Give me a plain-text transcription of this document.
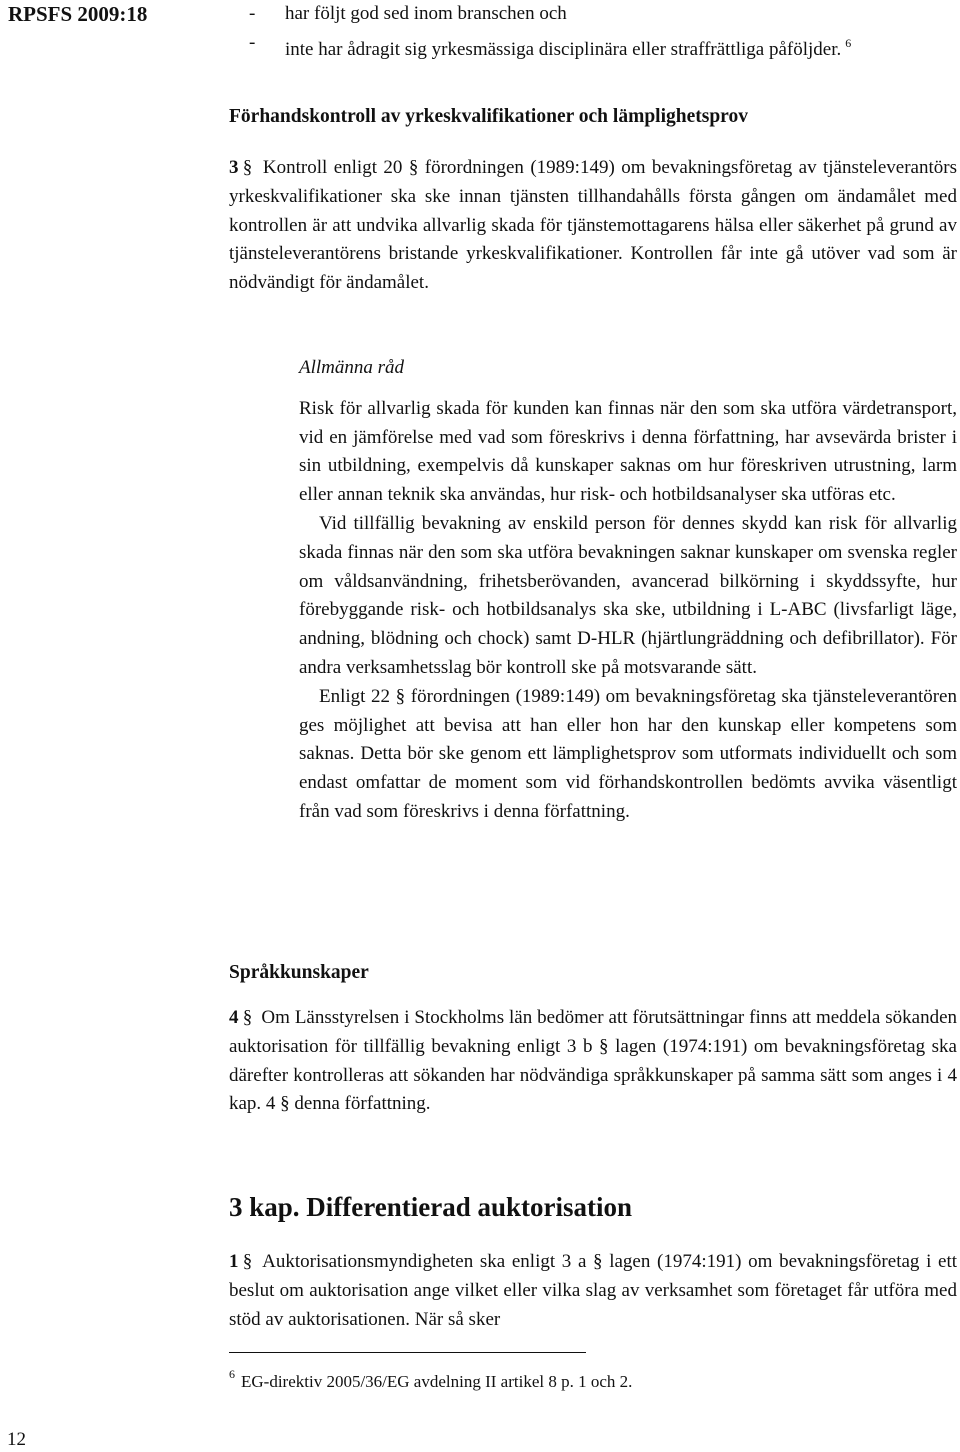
RPSFS 2009:18	- har följt god sed inom branschen och
- inte har ådragit sig yrkesmässiga disciplinära eller straffrättliga påföljder. $^6$
Förhandskontroll av yrkeskvalifikationer och lämplighetsprov

3 § Kontroll enligt 20 § förordningen (1989:149) om bevakningsföretag av tjänsteleverantörs yrkeskvalifikationer ska ske innan tjänsten tillhandahålls första gången om ändamålet med kontrollen är att undvika allvarlig skada för tjänstemottagarens hälsa eller säkerhet på grund av tjänsteleverantörens bristande yrkeskvalifikationer. Kontrollen får inte gå utöver vad som är nödvändigt för ändamålet.

Allmänna råd

Risk för allvarlig skada för kunden kan finnas när den som ska utföra värdetransport, vid en jämförelse med vad som föreskrivs i denna författning, har avsevärda brister i sin utbildning, exempelvis då kunskaper saknas om hur föreskriven utrustning, larm eller annan teknik ska användas, hur risk- och hotbildsanalyser ska utföras etc.

Vid tillfällig bevakning av enskild person för dennes skydd kan risk för allvarlig skada finnas när den som ska utföra bevakningen saknar kunskaper om svenska regler om våldsanvändning, frihetsberövanden, avancerad bilkörning i skyddssyfte, hur förebyggande risk- och hotbildsanalys ska ske, utbildning i L-ABC (livsfarligt läge, andning, blödning och chock) samt D-HLR (hjärtlungräddning och defibrillator). För andra verksamhetsslag bör kontroll ske på motsvarande sätt.

Enligt 22 § förordningen (1989:149) om bevakningsföretag ska tjänsteleverantören ges möjlighet att bevisa att han eller hon har den kunskap eller kompetens som saknas. Detta bör ske genom ett lämplighetsprov som utformats individuellt och som endast omfattar de moment som vid förhandskontrollen bedömts avvika väsentligt från vad som föreskrivs i denna författning.

Språkkunskaper

4 § Om Länsstyrelsen i Stockholms län bedömer att förutsättningar finns att meddela sökanden auktorisation för tillfällig bevakning enligt 3 b § lagen (1974:191) om bevakningsföretag ska därefter kontrolleras att sökanden har nödvändiga språkkunskaper på samma sätt som anges i 4 kap. 4 § denna författning.

3 kap. Differentierad auktorisation

1 § Auktorisationsmyndigheten ska enligt 3 a § lagen (1974:191) om bevakningsföretag i ett beslut om auktorisation ange vilket eller vilka slag av verksamhet som företaget får utföra med stöd av auktorisationen. När så sker

$^6$ EG-direktiv 2005/36/EG avdelning II artikel 8 p. 1 och 2.
12
